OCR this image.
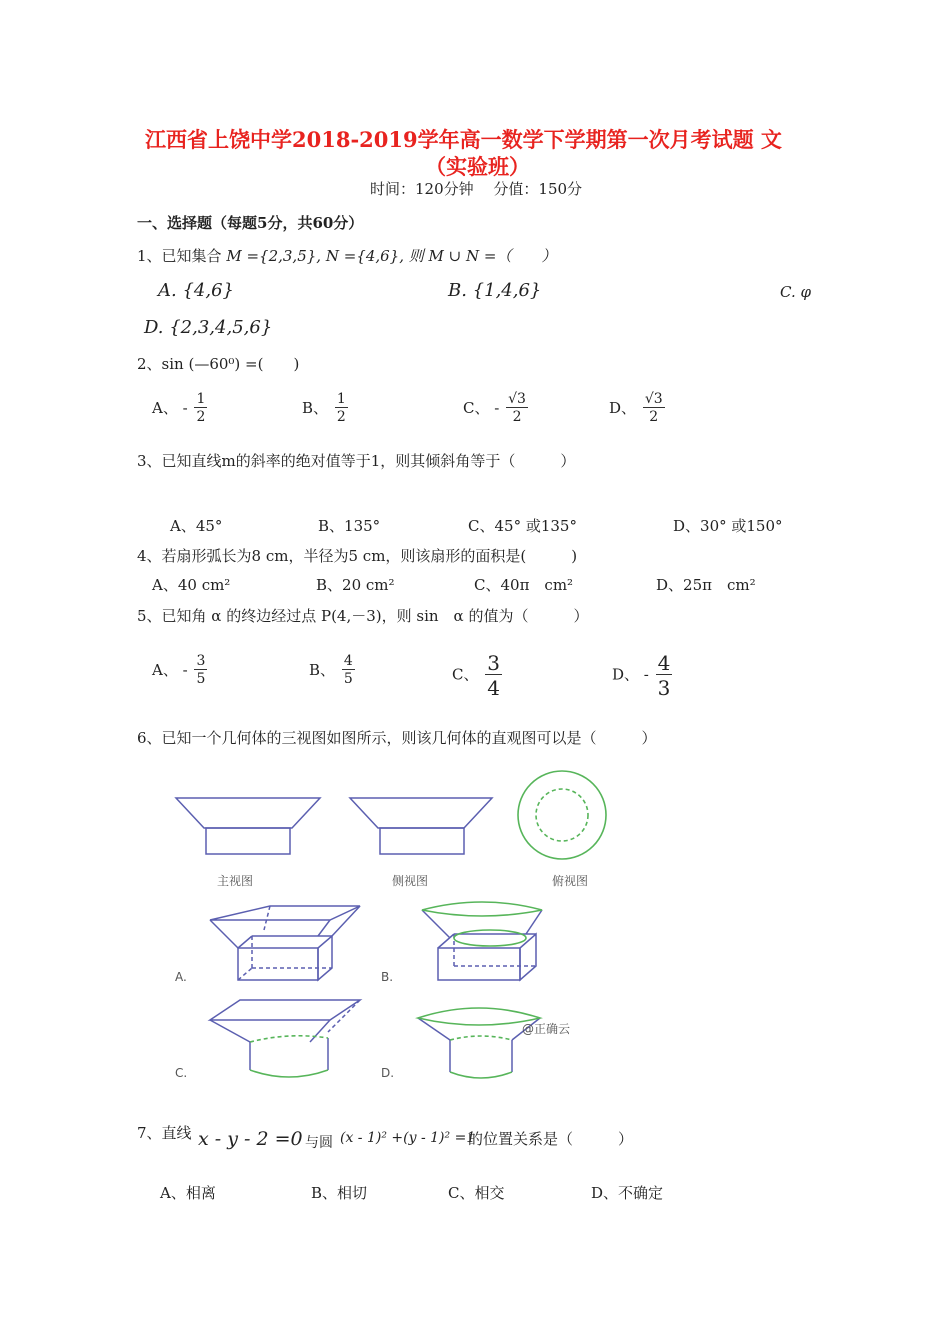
江西省上饶中学2018-2019学年高一数学下学期第一次月考试题 文
（实验班）
时间：120分钟　 分值：150分
一、选择题（每题5分，共60分）
1、已知集合 M ={2,3,5}, N ={4,6}, 则 M ∪ N =（　　）
A. {4,6}	B. {1,4,6}	C. φ
D. {2,3,4,5,6}
2、sin (—60⁰) =(　　)
A、 - $\frac{1}{2}$	B、 $\frac{1}{2}$	C、 - $\frac{√3}{2}$	D、 $\frac{√3}{2}$
3、已知直线m的斜率的绝对值等于1，则其倾斜角等于（　　　）
A、45°	B、135°	C、45° 或135°	D、30° 或150°
4、若扇形弧长为8 cm，半径为5 cm，则该扇形的面积是(　　　)
A、40 cm²	B、20 cm²	C、40π　cm²	D、25π　cm²
5、已知角 α 的终边经过点 P(4,－3)，则 sin　α 的值为（　　　）
A、 - $\frac{3}{5}$	B、 $\frac{4}{5}$	C、 $\frac{3}{4}$	D、 - $\frac{4}{3}$
6、已知一个几何体的三视图如图所示，则该几何体的直观图可以是（　　　）
主视图	侧视图	俯视图
A.	B.
C.	D.
@正确云
7、直线 x - y - 2 =0 与圆 (x - 1)² +(y - 1)² =1
的位置关系是（　　　）
A、相离	B、相切	C、相交	D、不确定
